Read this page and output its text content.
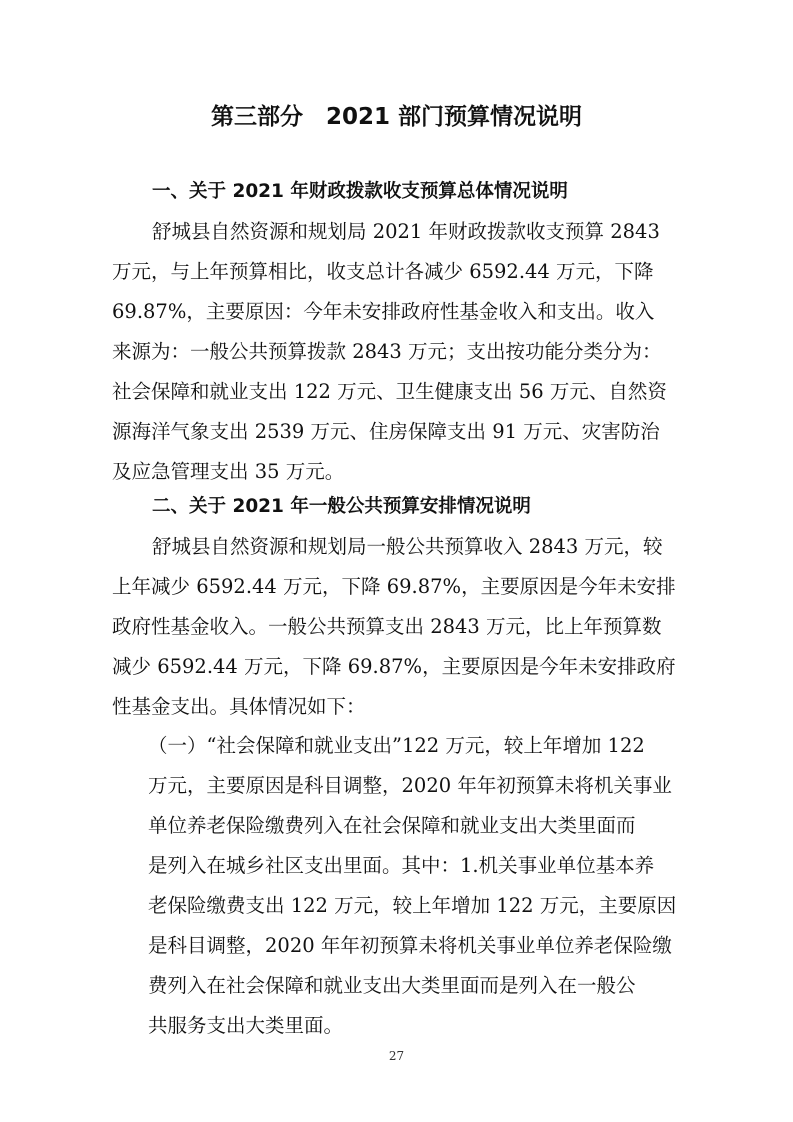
第三部分　2021 部门预算情况说明
一、关于 2021 年财政拨款收支预算总体情况说明
舒城县自然资源和规划局 2021 年财政拨款收支预算 2843
万元，与上年预算相比，收支总计各减少 6592.44 万元，下降
69.87%，主要原因：今年未安排政府性基金收入和支出。收入
来源为：一般公共预算拨款 2843 万元；支出按功能分类分为：
社会保障和就业支出 122 万元、卫生健康支出 56 万元、自然资
源海洋气象支出 2539 万元、住房保障支出 91 万元、灾害防治
及应急管理支出 35 万元。
二、关于 2021 年一般公共预算安排情况说明
舒城县自然资源和规划局一般公共预算收入 2843 万元，较
上年减少 6592.44 万元，下降 69.87%，主要原因是今年未安排
政府性基金收入。一般公共预算支出 2843 万元，比上年预算数
减少 6592.44 万元，下降 69.87%，主要原因是今年未安排政府
性基金支出。具体情况如下：
（一）“社会保障和就业支出”122 万元，较上年增加 122
万元，主要原因是科目调整，2020 年年初预算未将机关事业
单位养老保险缴费列入在社会保障和就业支出大类里面而
是列入在城乡社区支出里面。其中：1.机关事业单位基本养
老保险缴费支出 122 万元，较上年增加 122 万元，主要原因
是科目调整，2020 年年初预算未将机关事业单位养老保险缴
费列入在社会保障和就业支出大类里面而是列入在一般公
共服务支出大类里面。
27
